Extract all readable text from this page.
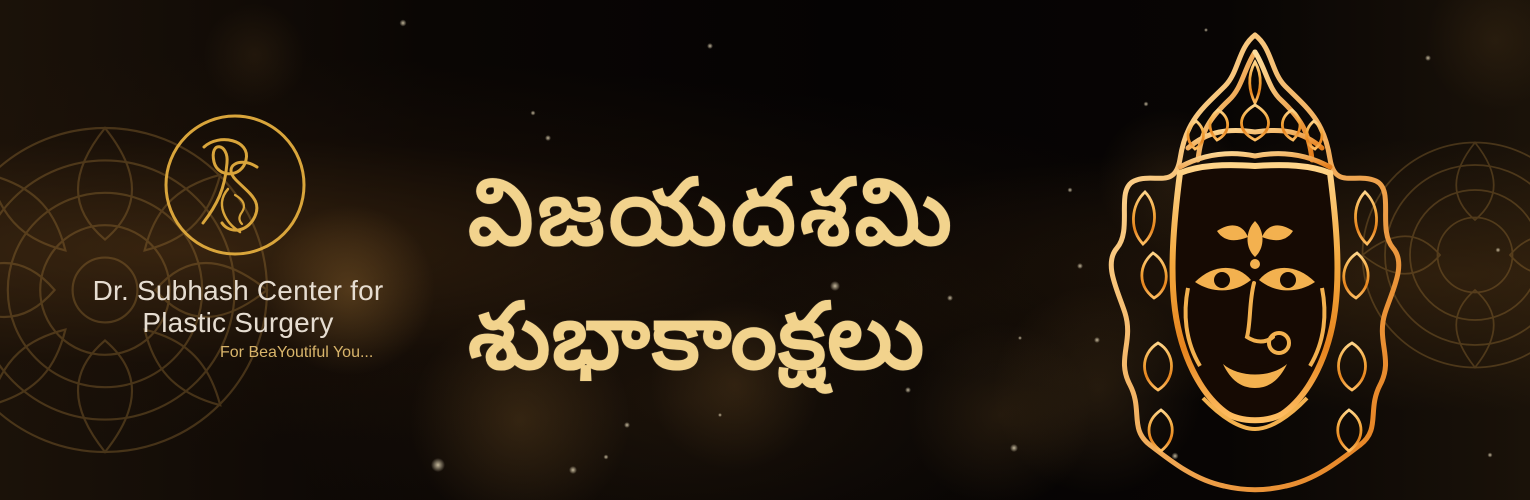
Dr. Subhash Center for
Plastic Surgery
For BeaYoutiful You...
విజయదశమి
శుభాకాంక్షలు
